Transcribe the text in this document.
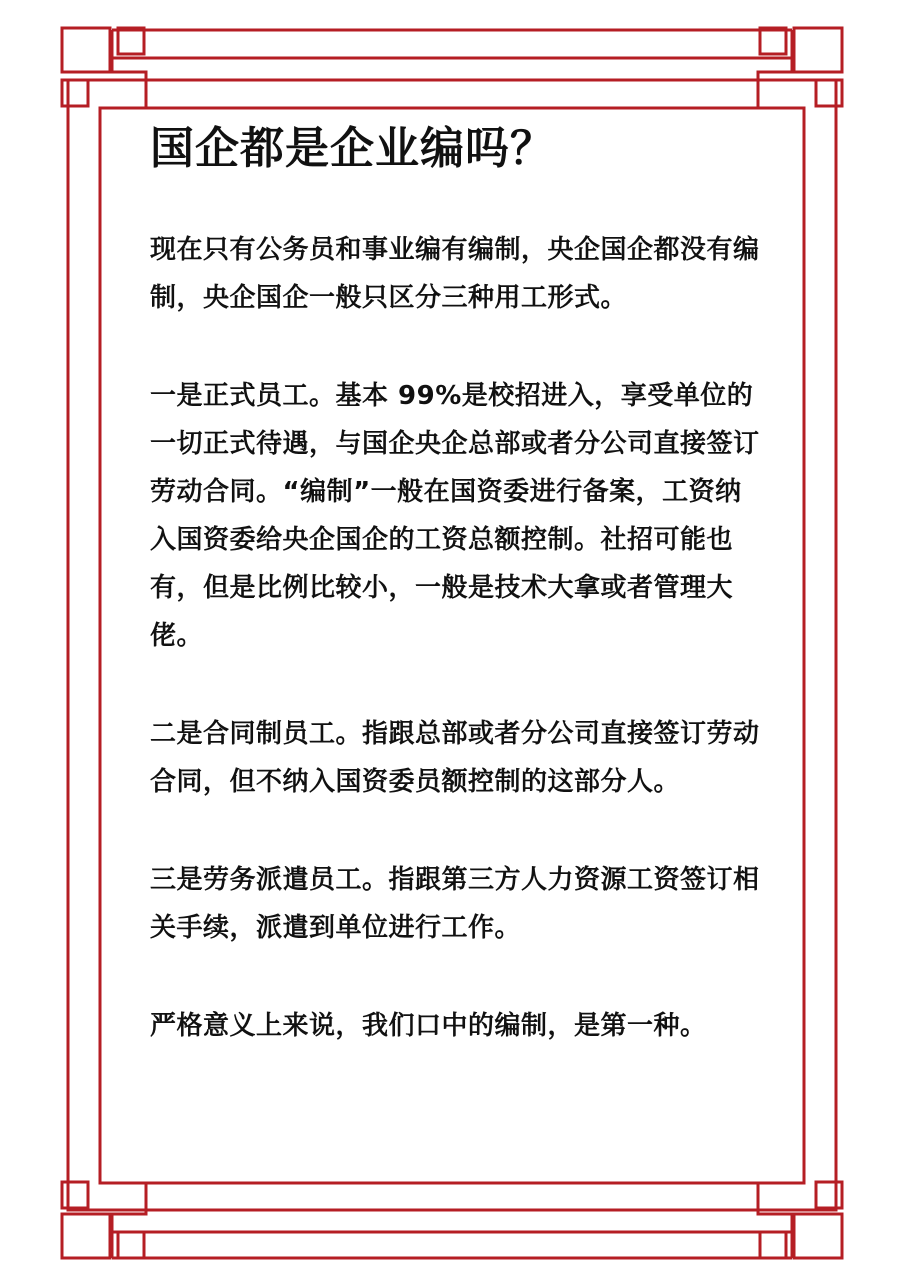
国企都是企业编吗？

现在只有公务员和事业编有编制，央企国企都没有编制，央企国企一般只区分三种用工形式。

一是正式员工。基本 99%是校招进入，享受单位的一切正式待遇，与国企央企总部或者分公司直接签订劳动合同。“编制”一般在国资委进行备案，工资纳入国资委给央企国企的工资总额控制。社招可能也有，但是比例比较小，一般是技术大拿或者管理大佬。

二是合同制员工。指跟总部或者分公司直接签订劳动合同，但不纳入国资委员额控制的这部分人。

三是劳务派遣员工。指跟第三方人力资源工资签订相关手续，派遣到单位进行工作。

严格意义上来说，我们口中的编制，是第一种。
